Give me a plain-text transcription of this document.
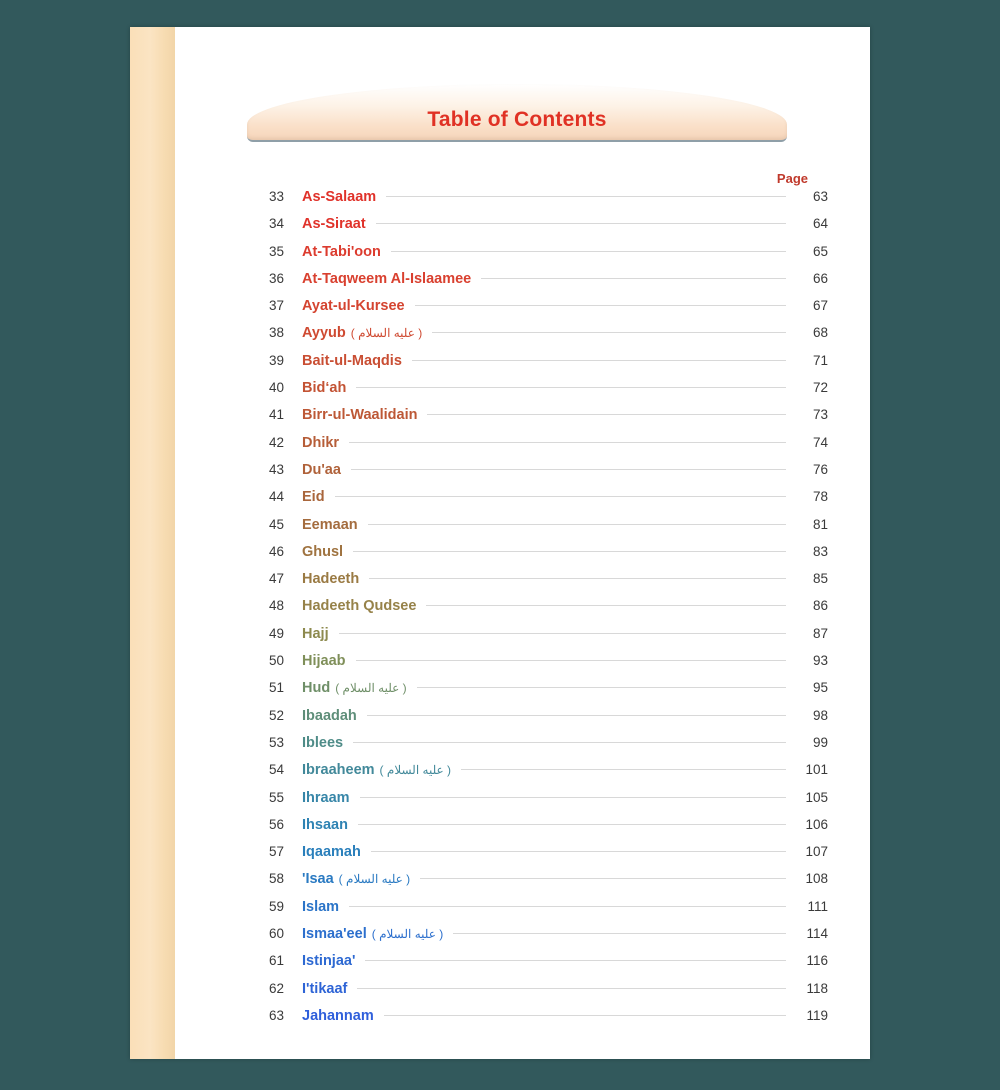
Table of Contents
Page
33 As-Salaam	63
34 As-Siraat	64
35 At-Tabi'oon	65
36 At-Taqweem Al-Islaamee	66
37 Ayat-ul-Kursee	67
38 Ayyub ( عليه السلام )	68
39 Bait-ul-Maqdis	71
40 Bid‘ah	72
41 Birr-ul-Waalidain	73
42 Dhikr	74
43 Du'aa	76
44 Eid	78
45 Eemaan	81
46 Ghusl	83
47 Hadeeth	85
48 Hadeeth Qudsee	86
49 Hajj	87
50 Hijaab	93
51 Hud ( عليه السلام )	95
52 Ibaadah	98
53 Iblees	99
54 Ibraaheem ( عليه السلام )	101
55 Ihraam	105
56 Ihsaan	106
57 Iqaamah	107
58 'Isaa ( عليه السلام )	108
59 Islam	111
60 Ismaa'eel ( عليه السلام )	114
61 Istinjaa'	116
62 I'tikaaf	118
63 Jahannam	119
